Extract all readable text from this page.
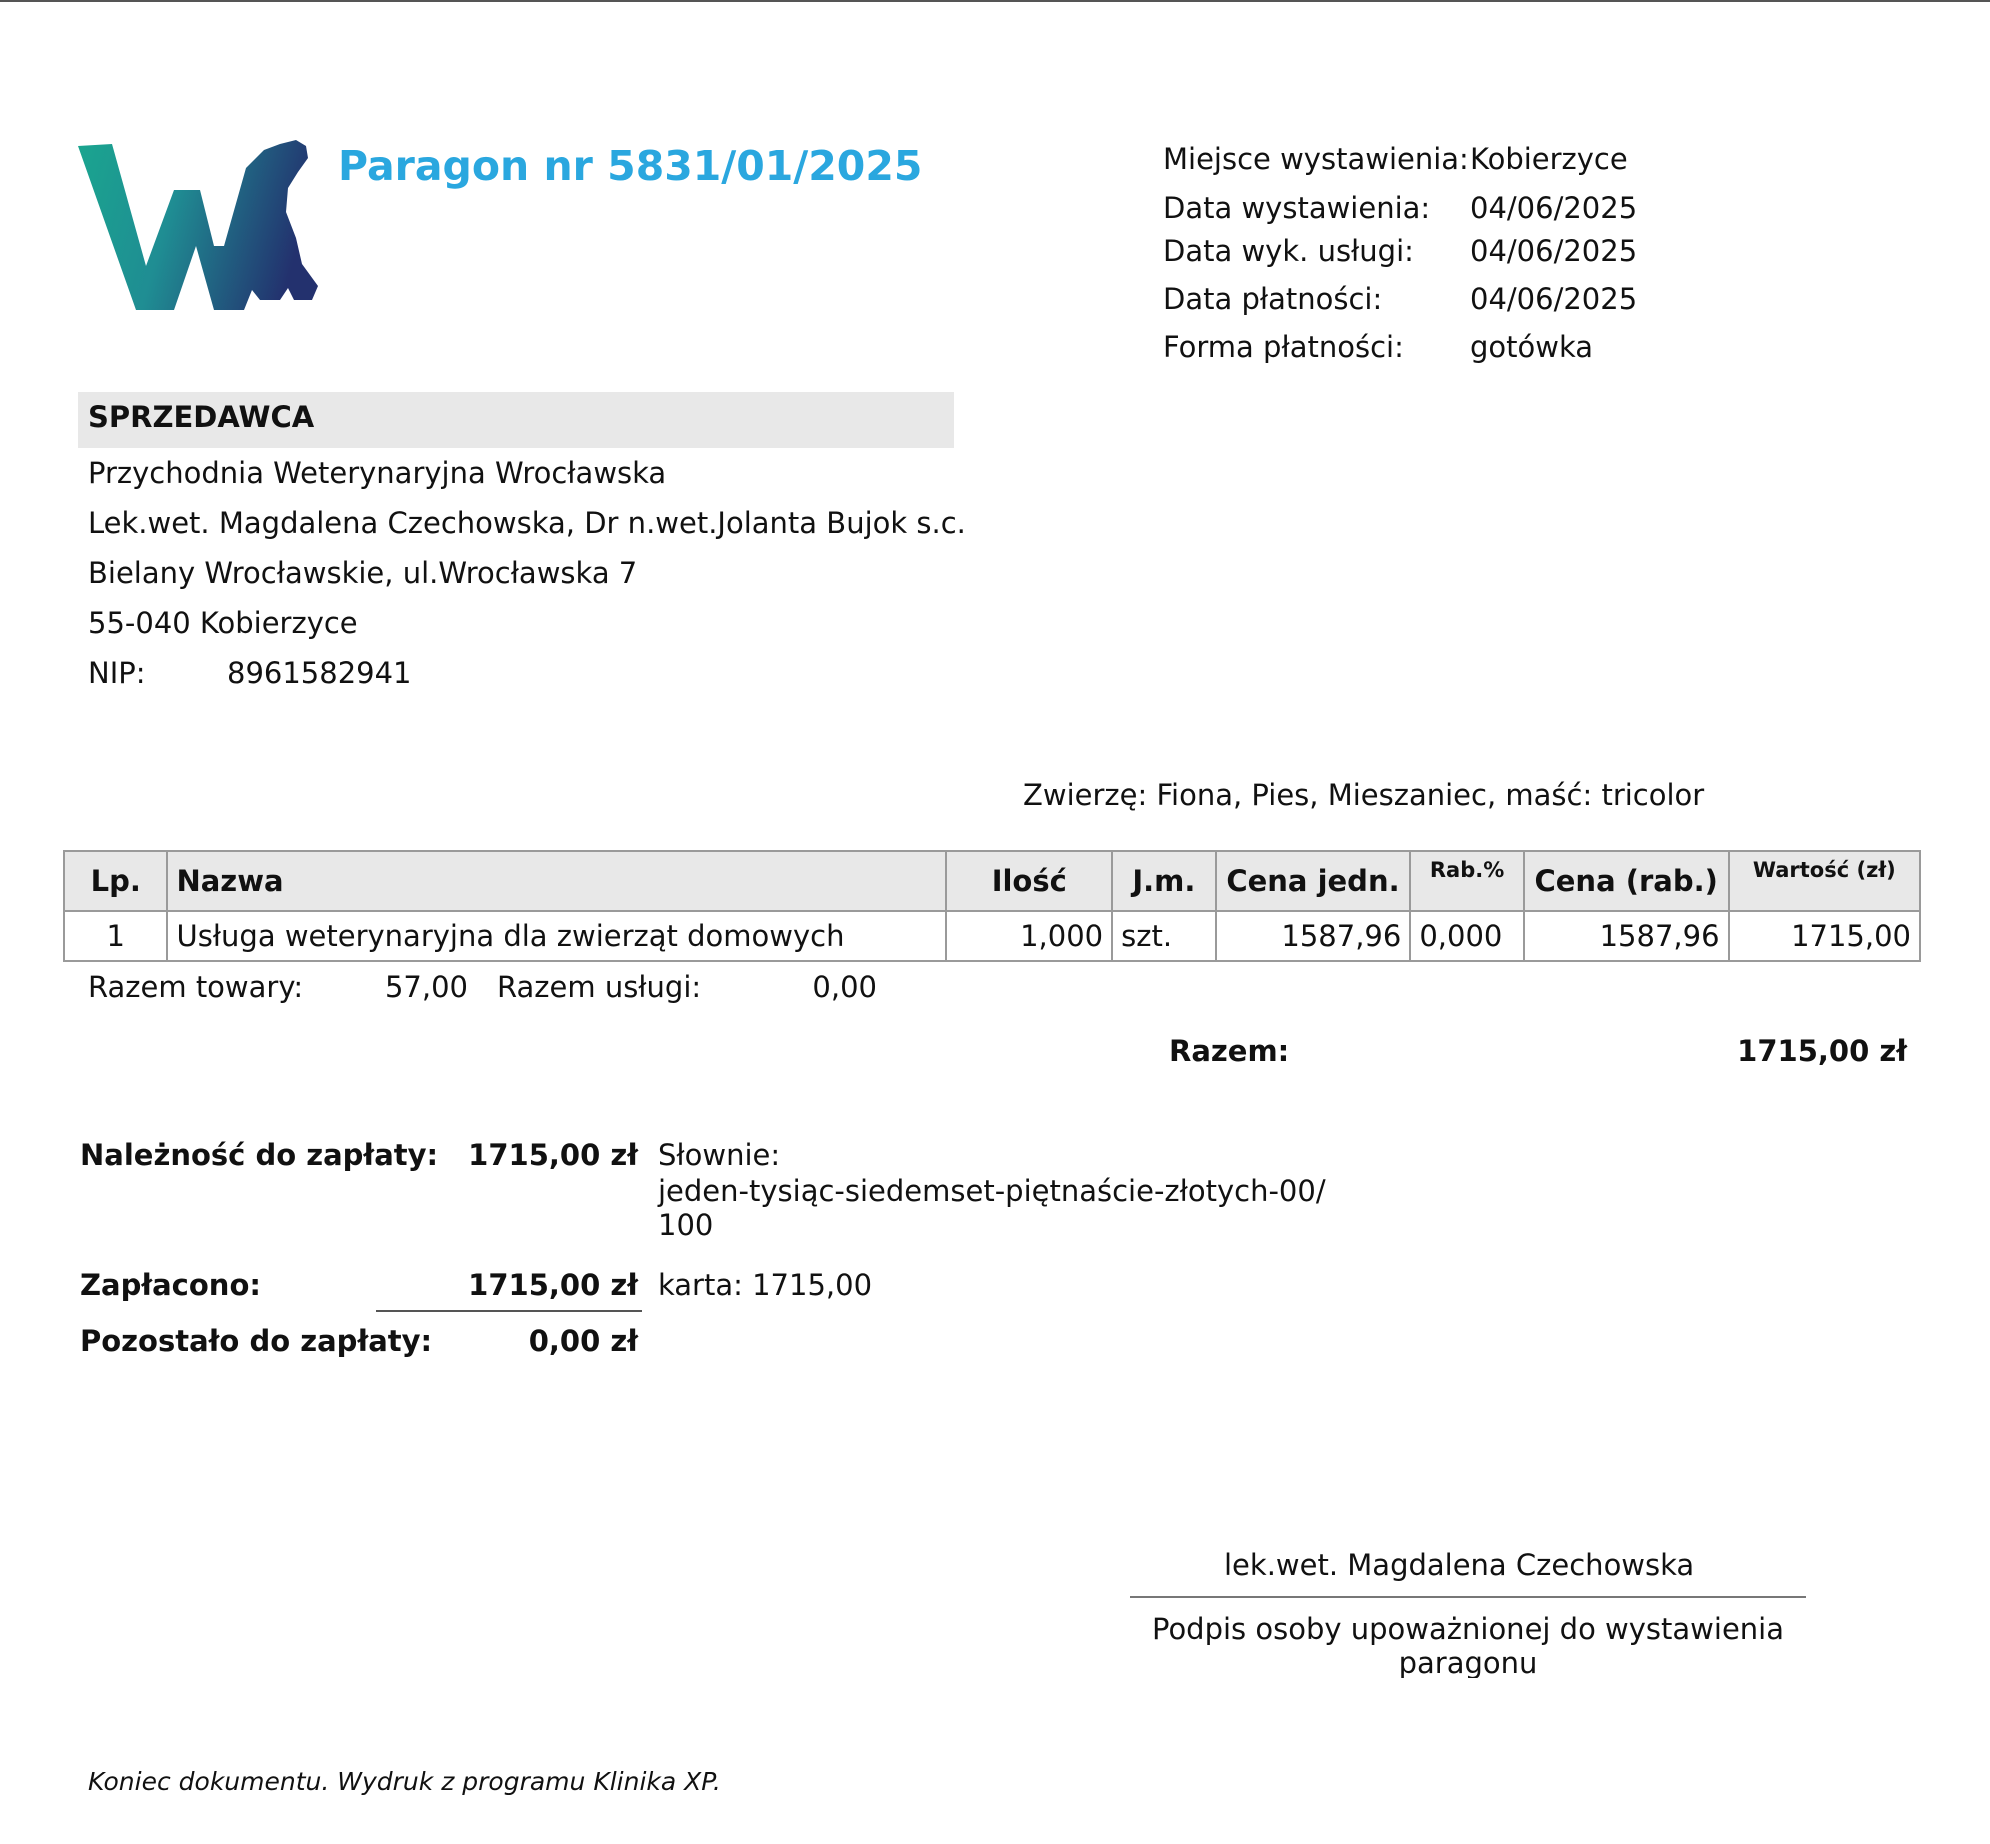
Paragon nr 5831/01/2025	Miejsce wystawienia: Kobierzyce
Data wystawienia: 04/06/2025
Data wyk. usługi: 04/06/2025
Data płatności:	04/06/2025
Forma płatności: gotówka
SPRZEDAWCA
Przychodnia Weterynaryjna Wrocławska
Lek.wet. Magdalena Czechowska, Dr n.wet.Jolanta Bujok s.c.
Bielany Wrocławskie, ul.Wrocławska 7
55-040 Kobierzyce
NIP:	8961582941
Zwierzę: Fiona, Pies, Mieszaniec, maść: tricolor
Lp.	Nazwa	Ilość	J.m.	Cena jedn.	Rab.%	Cena (rab.)	Wartość (zł)
1	Usługa weterynaryjna dla zwierząt domowych	1,000	szt.	1587,96	0,000	1587,96	1715,00
Razem towary:	57,00 Razem usługi:	0,00
Razem:	1715,00 zł
Należność do zapłaty: 1715,00 zł Słownie:
jeden-tysiąc-siedemset-piętnaście-złotych-00/
100
Zapłacono:	1715,00 zł karta: 1715,00
Pozostało do zapłaty:	0,00 zł
lek.wet. Magdalena Czechowska
Podpis osoby upoważnionej do wystawienia paragonu
Koniec dokumentu. Wydruk z programu Klinika XP.
